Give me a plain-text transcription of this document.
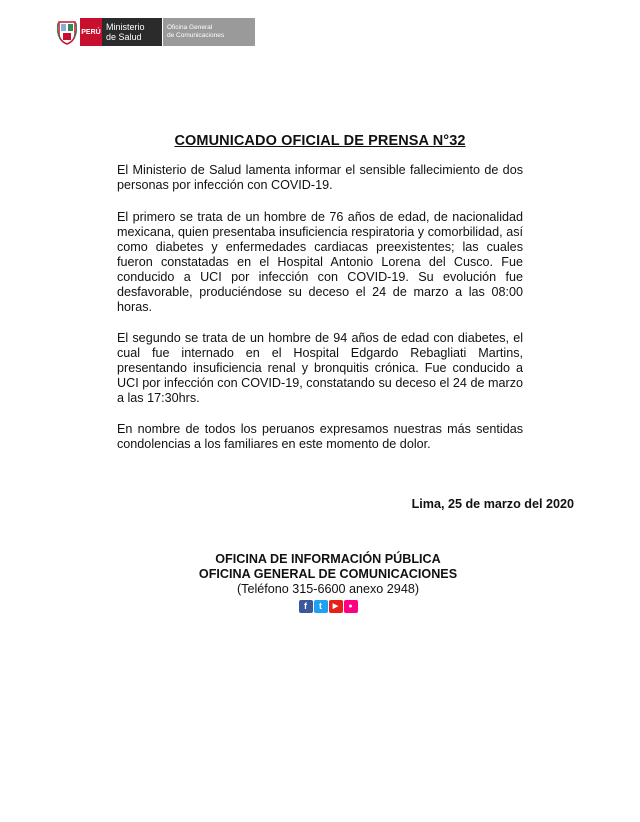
PERÚ Ministerio
de Salud
Oficina General
de Comunicaciones
COMUNICADO OFICIAL DE PRENSA N°32
El Ministerio de Salud lamenta informar el sensible fallecimiento de dos personas por infección con COVID-19.
El primero se trata de un hombre de 76 años de edad, de nacionalidad mexicana, quien presentaba insuficiencia respiratoria y comorbilidad, así como diabetes y enfermedades cardiacas preexistentes; las cuales fueron constatadas en el Hospital Antonio Lorena del Cusco. Fue conducido a UCI por infección con COVID-19. Su evolución fue desfavorable, produciéndose su deceso el 24 de marzo a las 08:00 horas.
El segundo se trata de un hombre de 94 años de edad con diabetes, el cual fue internado en el Hospital Edgardo Rebagliati Martins, presentando insuficiencia renal y bronquitis crónica. Fue conducido a UCI por infección con COVID-19, constatando su deceso el 24 de marzo a las 17:30hrs.
En nombre de todos los peruanos expresamos nuestras más sentidas condolencias a los familiares en este momento de dolor.
Lima, 25 de marzo del 2020
OFICINA DE INFORMACIÓN PÚBLICA
OFICINA GENERAL DE COMUNICACIONES
(Teléfono 315-6600 anexo 2948)
f	t	▶	●
